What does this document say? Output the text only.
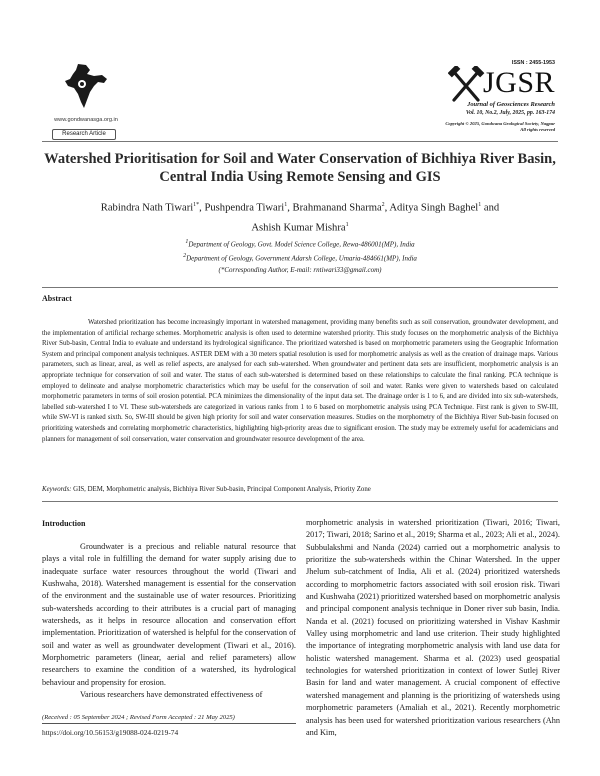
www.gondwanasga.org.in
Research Article
ISSN : 2455-1953
JGSR
Journal of Geosciences Research
Vol. 10, No.2, July, 2025, pp. 163-174
Copyright © 2025, Gondwana Geological Society, Nagpur
All rights reserved
Watershed Prioritisation for Soil and Water Conservation of Bichhiya River Basin, Central India Using Remote Sensing and GIS
Rabindra Nath Tiwari$^{1*}$, Pushpendra Tiwari$^1$, Brahmanand Sharma$^2$, Aditya Singh Baghel$^1$ and
Ashish Kumar Mishra$^1$
$^1$Department of Geology, Govt. Model Science College, Rewa-486001(MP), India
$^2$Department of Geology, Government Adarsh College, Umaria-484661(MP), India
(*Corresponding Author, E-mail: rntiwari33@gmail.com)
Abstract
Watershed prioritization has become increasingly important in watershed management, providing many benefits such as soil conservation, groundwater development, and the implementation of artificial recharge schemes. Morphometric analysis is often used to determine watershed priority. This study focuses on the morphometric analysis of the Bichhiya River Sub-basin, Central India to evaluate and understand its hydrological significance. The prioritized watershed is based on morphometric parameters using the Geographic Information System and principal component analysis techniques. ASTER DEM with a 30 meters spatial resolution is used for morphometric analysis as well as the creation of drainage maps. Various parameters, such as linear, areal, as well as relief aspects, are analysed for each sub-watershed. When groundwater and pertinent data sets are insufficient, morphometric analysis is an appropriate technique for conservation of soil and water. The status of each sub-watershed is determined based on these relationships to calculate the final ranking. PCA technique is employed to delineate and analyse morphometric characteristics which may be useful for the conservation of soil and water. Ranks were given to watersheds based on calculated morphometric parameters in terms of soil erosion potential. PCA minimizes the dimensionality of the input data set. The drainage order is 1 to 6, and are divided into six sub-watersheds, labelled sub-watershed I to VI. These sub-watersheds are categorized in various ranks from 1 to 6 based on morphometric analysis using PCA Technique. First rank is given to SW-III, while SW-VI is ranked sixth. So, SW-III should be given high priority for soil and water conservation measures. Studies on the morphometry of the Bichhiya River Sub-basin focused on prioritizing watersheds and correlating morphometric characteristics, highlighting high-priority areas due to significant erosion. The study may be extremely useful for academicians and planners for management of soil conservation, water conservation and groundwater resource development of the area.
Keywords: GIS, DEM, Morphometric analysis, Bichhiya River Sub-basin, Principal Component Analysis, Priority Zone
Introduction

Groundwater is a precious and reliable natural resource that plays a vital role in fulfilling the demand for water supply arising due to inadequate surface water resources throughout the world (Tiwari and Kushwaha, 2018). Watershed management is essential for the conservation of the environment and the sustainable use of water resources. Prioritizing sub-watersheds according to their attributes is a crucial part of managing watersheds, as it helps in resource allocation and conservation effort implementation. Prioritization of watershed is helpful for the conservation of soil and water as well as groundwater development (Tiwari et al., 2016). Morphometric parameters (linear, aerial and relief parameters) allow researchers to examine the condition of a watershed, its hydrological behaviour and propensity for erosion.

Various researchers have demonstrated effectiveness of

morphometric analysis in watershed prioritization (Tiwari, 2016; Tiwari, 2017; Tiwari, 2018; Sarino et al., 2019; Sharma et al., 2023; Ali et al., 2024). Subbulakshmi and Nanda (2024) carried out a morphometric analysis to prioritize the sub-watersheds within the Chinar Watershed. In the upper Jhelum sub-catchment of India, Ali et al. (2024) prioritized watersheds according to morphometric factors associated with soil erosion risk. Tiwari and Kushwaha (2021) prioritized watershed based on morphometric analysis and principal component analysis technique in Doner river sub basin, India. Nanda et al. (2021) focused on prioritizing watershed in Vishav Kashmir Valley using morphometric and land use criterion. Their study highlighted the importance of integrating morphometric analysis with land use data for holistic watershed management. Sharma et al. (2023) used geospatial technologies for watershed prioritization in context of lower Sutlej River Basin for land and water management. A crucial component of effective watershed management and planning is the prioritizing of watersheds using morphometric parameters (Amaliah et al., 2021). Recently morphometric analysis has been used for watershed prioritization various researchers (Ahn and Kim,

(Received : 05 September 2024 ; Revised Form Accepted : 21 May 2025)
https://doi.org/10.56153/g19088-024-0219-74
